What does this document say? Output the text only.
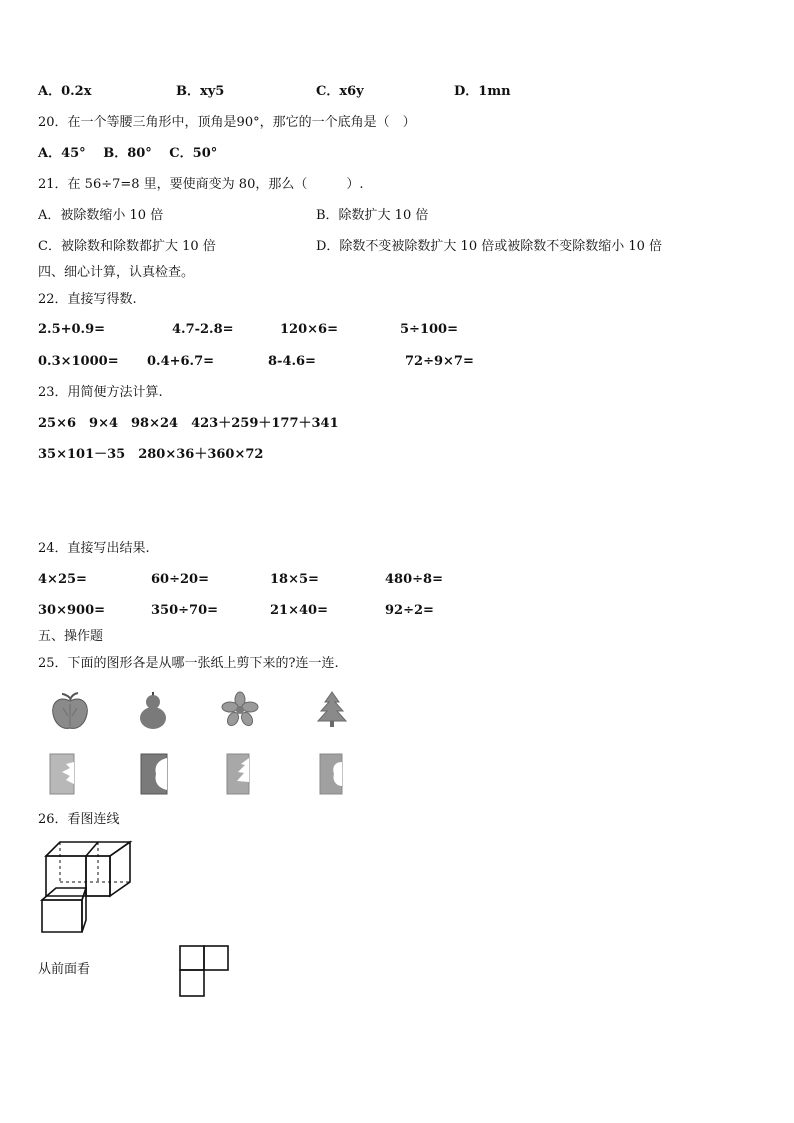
A．0.2x	B．xy5	C．x6y	D．1mn
20．在一个等腰三角形中，顶角是90°，那它的一个底角是（　）
A．45°　 B．80°　 C．50°
21．在 56÷7=8 里，要使商变为 80，那么（　　　）.
A．被除数缩小 10 倍	B．除数扩大 10 倍
C．被除数和除数都扩大 10 倍	D．除数不变被除数扩大 10 倍或被除数不变除数缩小 10 倍
四、细心计算，认真检查。
22．直接写得数.
2.5+0.9=	4.7-2.8=	120×6=	5÷100=
0.3×1000= 0.4+6.7=	8-4.6=	72÷9×7=
23．用简便方法计算.
25×6　9×4　98×24　423＋259＋177＋341
35×101－35　280×36＋360×72
24．直接写出结果.
4×25=	60÷20=	18×5=	480÷8=
30×900=	350÷70=	21×40=	92÷2=
五、操作题
25．下面的图形各是从哪一张纸上剪下来的?连一连.
26．看图连线
从前面看
